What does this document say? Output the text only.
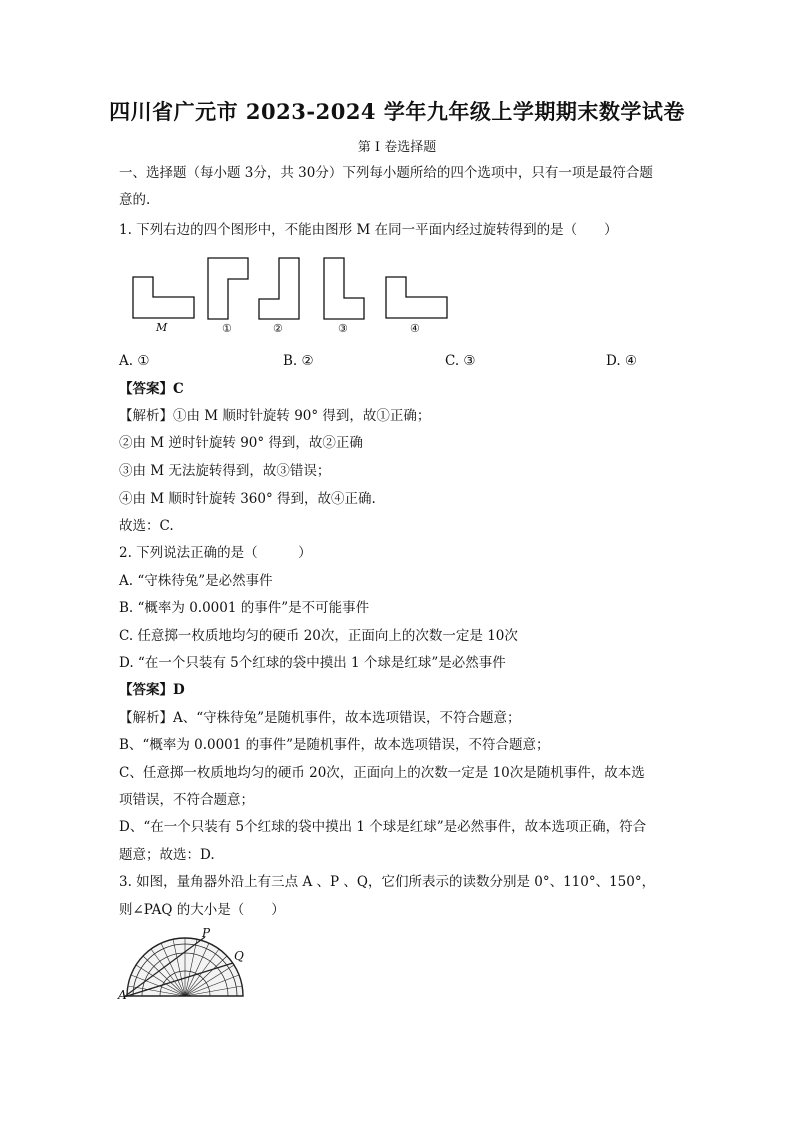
四川省广元市 2023-2024 学年九年级上学期期末数学试卷
第 I 卷选择题
一、选择题（每小题 3分，共 30分）下列每小题所给的四个选项中，只有一项是最符合题
意的.
1. 下列右边的四个图形中，不能由图形 M 在同一平面内经过旋转得到的是（　　）
M	①	②	③	④
A. ①	B. ②	C. ③	D. ④
【答案】C
【解析】①由 M 顺时针旋转 90° 得到，故①正确；
②由 M 逆时针旋转 90° 得到，故②正确
③由 M 无法旋转得到，故③错误；
④由 M 顺时针旋转 360° 得到，故④正确.
故选：C.
2. 下列说法正确的是（　　　）
A. “守株待兔”是必然事件
B. “概率为 0.0001 的事件”是不可能事件
C. 任意掷一枚质地均匀的硬币 20次，正面向上的次数一定是 10次
D. “在一个只装有 5个红球的袋中摸出 1 个球是红球”是必然事件
【答案】D
【解析】A、“守株待兔”是随机事件，故本选项错误，不符合题意；
B、“概率为 0.0001 的事件”是随机事件，故本选项错误，不符合题意；
C、任意掷一枚质地均匀的硬币 20次，正面向上的次数一定是 10次是随机事件，故本选
项错误，不符合题意；
D、“在一个只装有 5个红球的袋中摸出 1 个球是红球”是必然事件，故本选项正确，符合
题意；故选：D.
3. 如图，量角器外沿上有三点 A 、P 、Q，它们所表示的读数分别是 0°、110°、150°，
则∠PAQ 的大小是（　　）
P
Q
A
